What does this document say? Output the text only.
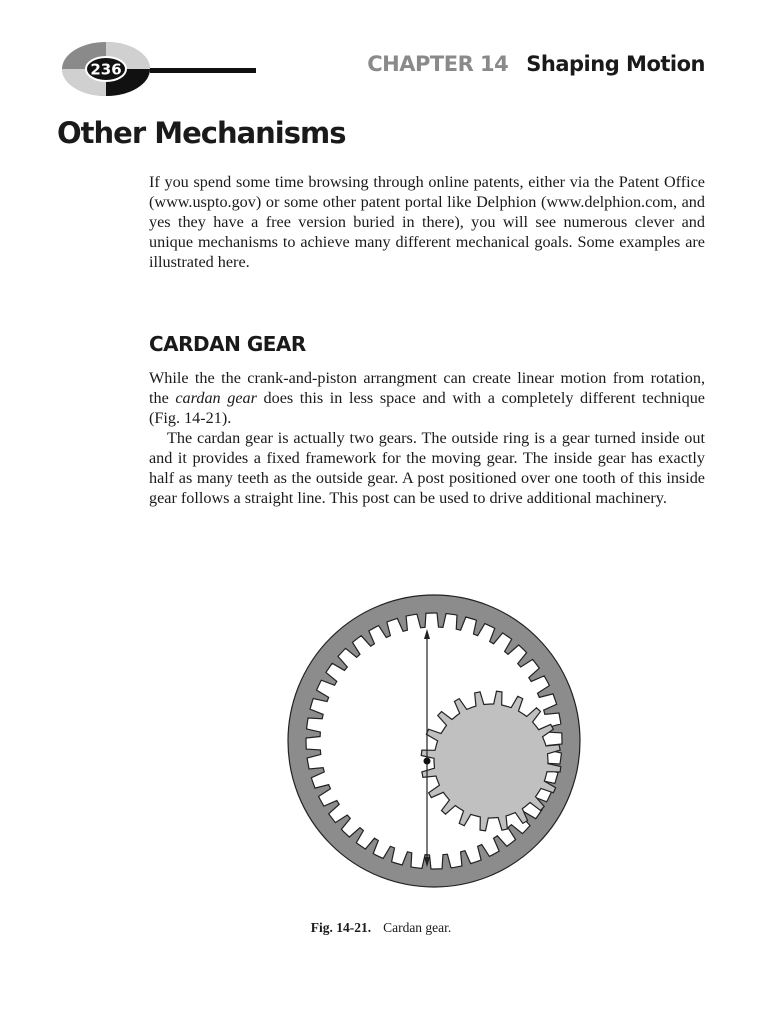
236	CHAPTER 14 Shaping Motion
Other Mechanisms

If you spend some time browsing through online patents, either via the Patent Office (www.uspto.gov) or some other patent portal like Delphion (www.delphion.com, and yes they have a free version buried in there), you will see numerous clever and unique mechanisms to achieve many different mechanical goals. Some examples are illustrated here.

CARDAN GEAR

While the the crank-and-piston arrangment can create linear motion from rotation, the cardan gear does this in less space and with a completely different technique (Fig. 14-21).

The cardan gear is actually two gears. The outside ring is a gear turned inside out and it provides a fixed framework for the moving gear. The inside gear has exactly half as many teeth as the outside gear. A post positioned over one tooth of this inside gear follows a straight line. This post can be used to drive additional machinery.

Fig. 14-21. Cardan gear.
